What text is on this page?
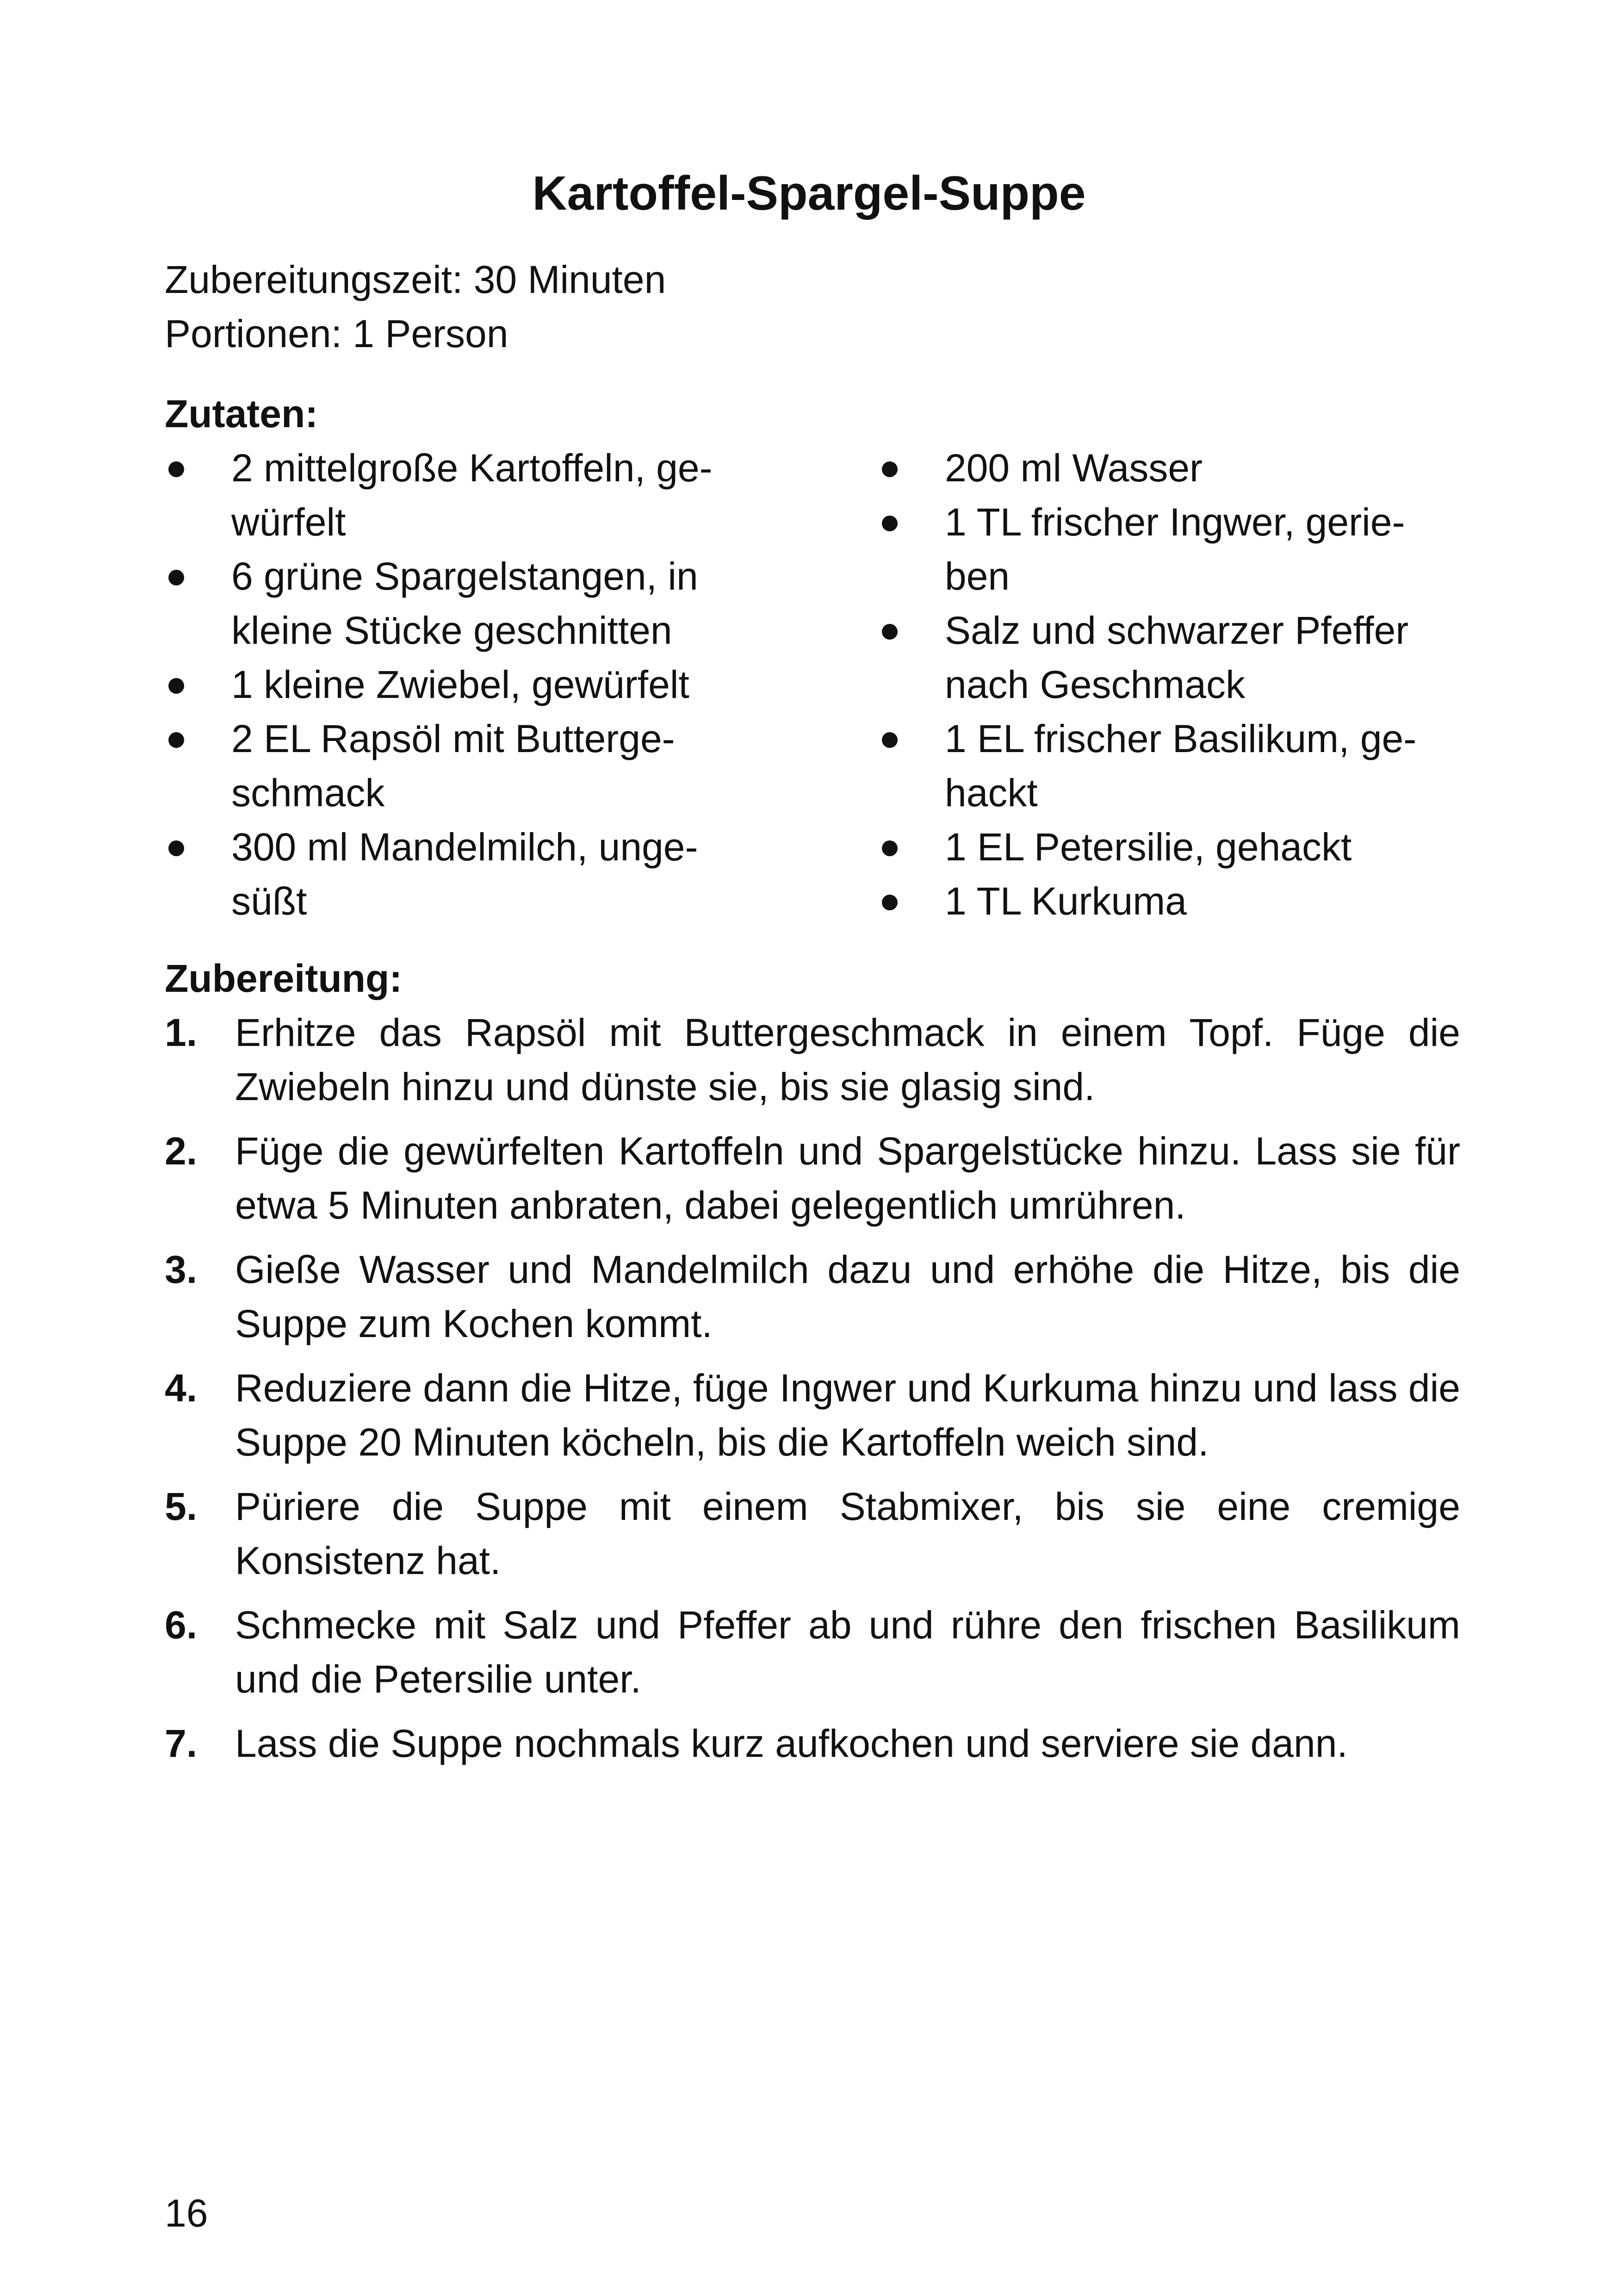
Kartoffel-Spargel-Suppe
Zubereitungszeit: 30 Minuten
Portionen: 1 Person
Zutaten:
2 mittelgroße Kartoffeln, ge-
würfelt
6 grüne Spargelstangen, in
kleine Stücke geschnitten
1 kleine Zwiebel, gewürfelt
2 EL Rapsöl mit Butterge-
schmack
300 ml Mandelmilch, unge-
süßt
200 ml Wasser
1 TL frischer Ingwer, gerie-
ben
Salz und schwarzer Pfeffer
nach Geschmack
1 EL frischer Basilikum, ge-
hackt
1 EL Petersilie, gehackt
1 TL Kurkuma
Zubereitung:
1. Erhitze das Rapsöl mit Buttergeschmack in einem Topf. Füge die Zwiebeln hinzu und dünste sie, bis sie glasig sind.
2. Füge die gewürfelten Kartoffeln und Spargelstücke hinzu. Lass sie für etwa 5 Minuten anbraten, dabei gelegentlich umrühren.
3. Gieße Wasser und Mandelmilch dazu und erhöhe die Hitze, bis die Suppe zum Kochen kommt.
4. Reduziere dann die Hitze, füge Ingwer und Kurkuma hinzu und lass die Suppe 20 Minuten köcheln, bis die Kartoffeln weich sind.
5. Püriere die Suppe mit einem Stabmixer, bis sie eine cremige Konsistenz hat.
6. Schmecke mit Salz und Pfeffer ab und rühre den frischen Basilikum und die Petersilie unter.
7. Lass die Suppe nochmals kurz aufkochen und serviere sie dann.
16
